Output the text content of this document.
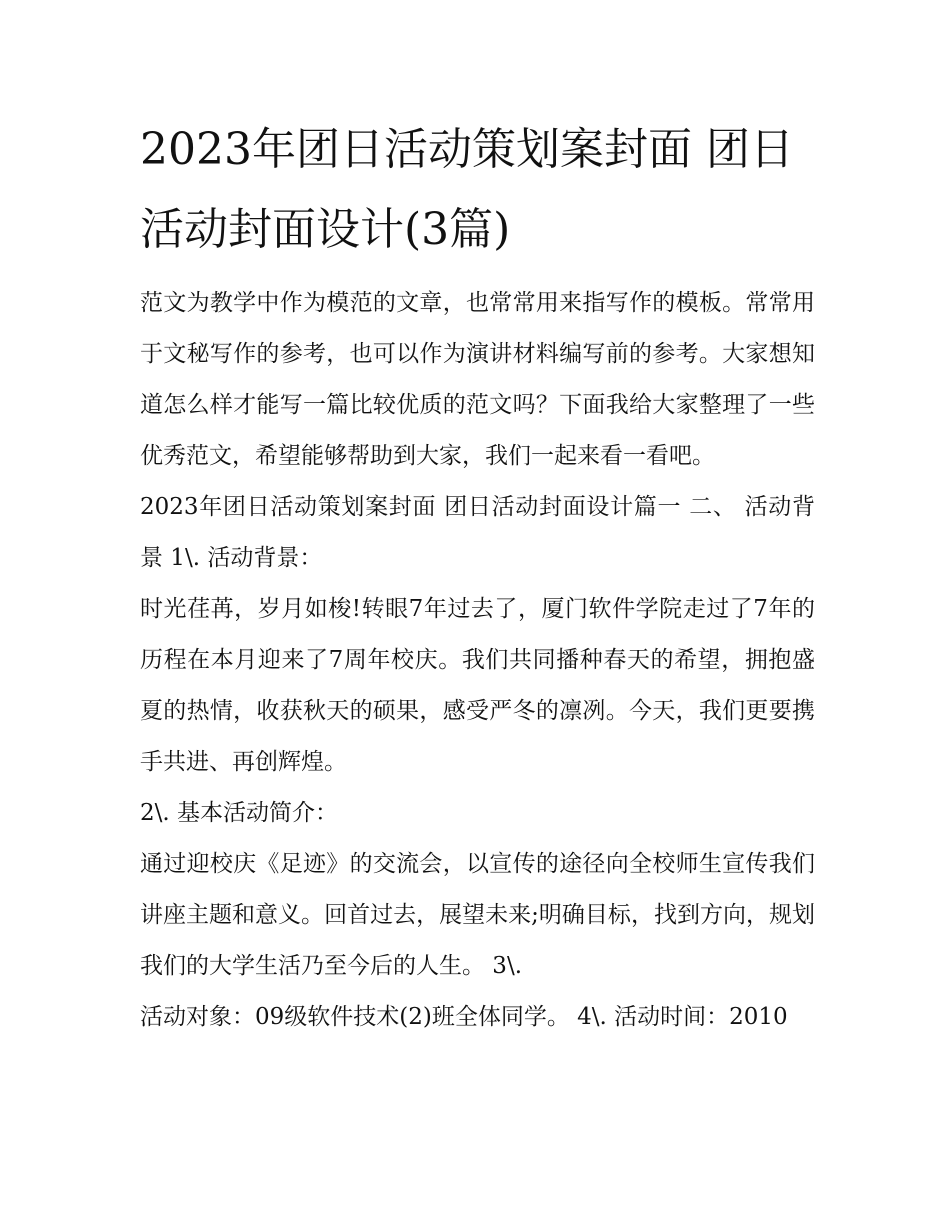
2023年团日活动策划案封面 团日活动封面设计(3篇)

范文为教学中作为模范的文章，也常常用来指写作的模板。常常用于文秘写作的参考，也可以作为演讲材料编写前的参考。大家想知道怎么样才能写一篇比较优质的范文吗？下面我给大家整理了一些优秀范文，希望能够帮助到大家，我们一起来看一看吧。

2023年团日活动策划案封面 团日活动封面设计篇一 二、 活动背景 1\. 活动背景：

时光荏苒，岁月如梭!转眼7年过去了，厦门软件学院走过了7年的历程在本月迎来了7周年校庆。我们共同播种春天的希望，拥抱盛夏的热情，收获秋天的硕果，感受严冬的凛冽。今天，我们更要携手共进、再创辉煌。

2\. 基本活动简介：

通过迎校庆《足迹》的交流会，以宣传的途径向全校师生宣传我们讲座主题和意义。回首过去，展望未来;明确目标，找到方向，规划我们的大学生活乃至今后的人生。 3\.

活动对象：09级软件技术(2)班全体同学。 4\. 活动时间：2010
